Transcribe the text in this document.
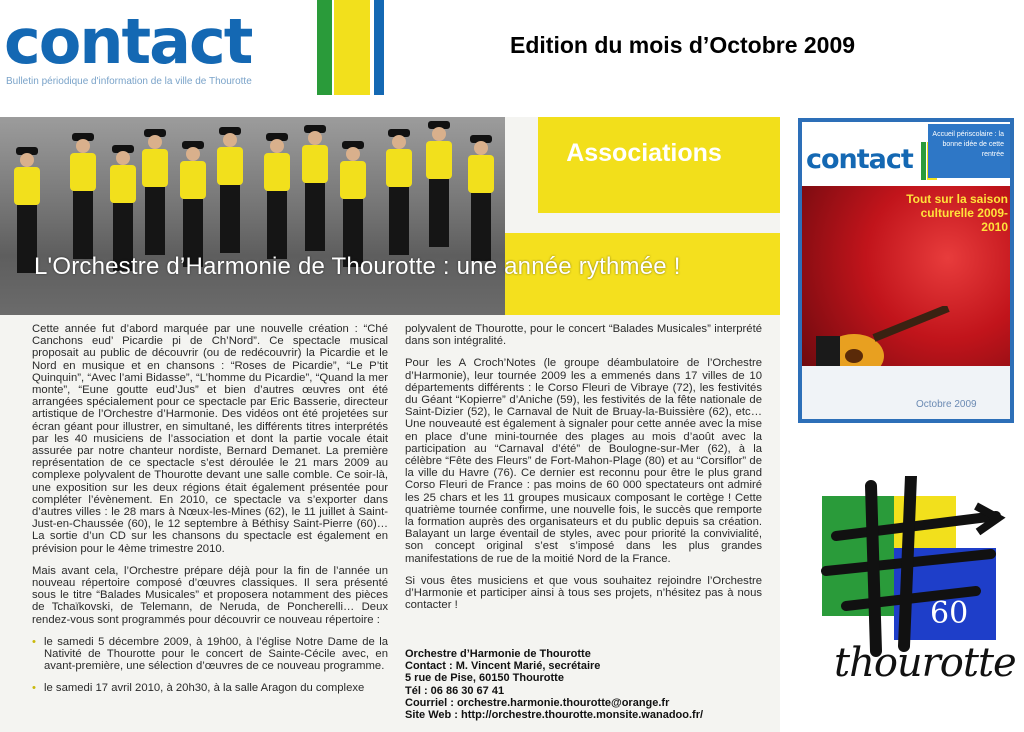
contact
Bulletin périodique d'information de la ville de Thourotte
Edition du mois d’Octobre 2009
Associations
L'Orchestre d’Harmonie de Thourotte : une année rythmée !

Cette année fut d’abord marquée par une nouvelle création : “Ché Canchons eud’ Picardie pi de Ch’Nord”. Ce spectacle musical proposait au public de découvrir (ou de redécouvrir) la Picardie et le Nord en musique et en chansons : “Roses de Picardie”, “Le P’tit Quinquin”, “Avec l’ami Bidasse”, “L’homme du Picardie”, “Quand la mer monte”, “Eune goutte eud’Jus” et bien d’autres œuvres ont été arrangées spécialement pour ce spectacle par Eric Basserie, directeur artistique de l’Orchestre d’Harmonie. Des vidéos ont été projetées sur écran géant pour illustrer, en simultané, les différents titres interprétés par les 40 musiciens de l’association et dont la partie vocale était assurée par notre chanteur nordiste, Bernard Demanet. La première représentation de ce spectacle s’est déroulée le 21 mars 2009 au complexe polyvalent de Thourotte devant une salle comble. Ce soir-là, une exposition sur les deux régions était également présentée pour compléter l’évènement. En 2010, ce spectacle va s’exporter dans d’autres villes : le 28 mars à Nœux-les-Mines (62), le 11 juillet à Saint-Just-en-Chaussée (60), le 12 septembre à Béthisy Saint-Pierre (60)… La sortie d’un CD sur les chansons du spectacle est également en prévision pour le 4ème trimestre 2010.

Mais avant cela, l’Orchestre prépare déjà pour la fin de l’année un nouveau répertoire composé d’œuvres classiques. Il sera présenté sous le titre “Balades Musicales” et proposera notamment des pièces de Tchaïkovski, de Telemann, de Neruda, de Poncherelli… Deux rendez-vous sont programmés pour découvrir ce nouveau répertoire :

• le samedi 5 décembre 2009, à 19h00, à l’église Notre Dame de la Nativité de Thourotte pour le concert de Sainte-Cécile avec, en avant-première, une sélection d’œuvres de ce nouveau programme.

• le samedi 17 avril 2010, à 20h30, à la salle Aragon du complexe

polyvalent de Thourotte, pour le concert “Balades Musicales” interprété dans son intégralité.

Pour les A Croch’Notes (le groupe déambulatoire de l’Orchestre d’Harmonie), leur tournée 2009 les a emmenés dans 17 villes de 10 départements différents : le Corso Fleuri de Vibraye (72), les festivités du Géant “Kopierre” d’Aniche (59), les festivités de la fête nationale de Saint-Dizier (52), le Carnaval de Nuit de Bruay-la-Buissière (62), etc… Une nouveauté est également à signaler pour cette année avec la mise en place d’une mini-tournée des plages au mois d’août avec la participation au “Carnaval d’été” de Boulogne-sur-Mer (62), à la célèbre “Fête des Fleurs” de Fort-Mahon-Plage (80) et au “Corsiflor” de la ville du Havre (76). Ce dernier est reconnu pour être le plus grand Corso Fleuri de France : pas moins de 60 000 spectateurs ont admiré les 25 chars et les 11 groupes musicaux composant le cortège ! Cette quatrième tournée confirme, une nouvelle fois, le succès que remporte la formation auprès des organisateurs et du public depuis sa création. Balayant un large éventail de styles, avec pour priorité la convivialité, son concept original s’est s’imposé dans les plus grandes manifestations de rue de la moitié Nord de la France.

Si vous êtes musiciens et que vous souhaitez rejoindre l’Orchestre d’Harmonie et participer ainsi à tous ses projets, n’hésitez pas à nous contacter !

Orchestre d’Harmonie de Thourotte
Contact : M. Vincent Marié, secrétaire
5 rue de Pise, 60150 Thourotte
Tél : 06 86 30 67 41
Courriel : orchestre.harmonie.thourotte@orange.fr
Site Web : http://orchestre.thourotte.monsite.wanadoo.fr/
contact
Accueil périscolaire : la bonne idée de cette rentrée
Tout sur la saison culturelle 2009-2010
Octobre 2009
60
thourotte
